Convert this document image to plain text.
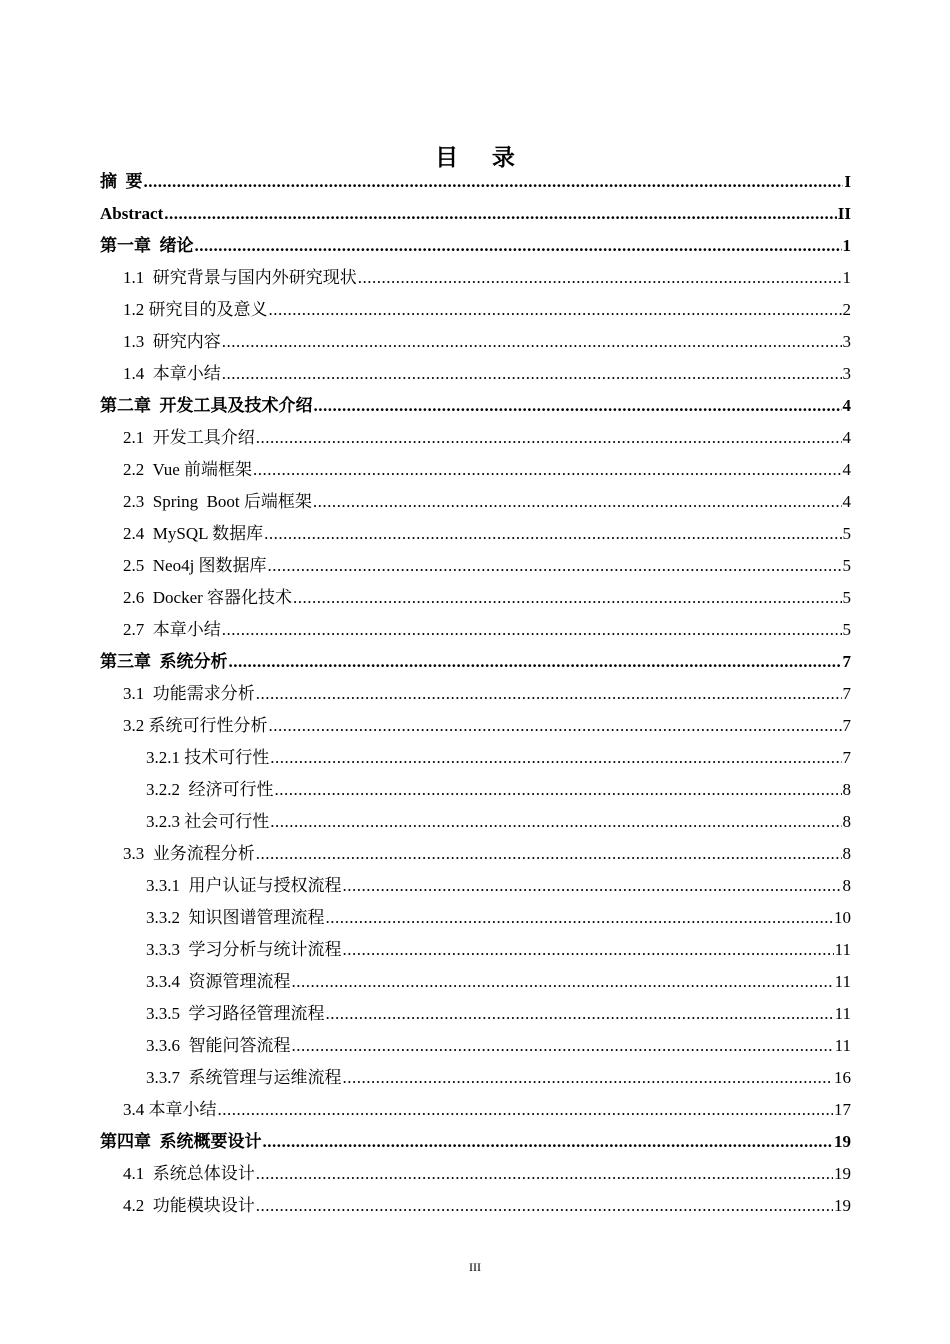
目 录
摘  要 .....	I
Abstract .....	II
第一章  绪论 .....	1
1.1  研究背景与国内外研究现状 .....	1
1.2 研究目的及意义 .....	2
1.3  研究内容 .....	3
1.4  本章小结 .....	3
第二章  开发工具及技术介绍 .....	4
2.1  开发工具介绍 .....	4
2.2  Vue 前端框架 .....	4
2.3  Spring  Boot 后端框架 .....	4
2.4  MySQL 数据库 .....	5
2.5  Neo4j 图数据库 .....	5
2.6  Docker 容器化技术 .....	5
2.7  本章小结 .....	5
第三章  系统分析 .....	7
3.1  功能需求分析 .....	7
3.2 系统可行性分析 .....	7
3.2.1 技术可行性 .....	7
3.2.2  经济可行性 .....	8
3.2.3 社会可行性 .....	8
3.3  业务流程分析 .....	8
3.3.1  用户认证与授权流程 .....	8
3.3.2  知识图谱管理流程 .....	10
3.3.3  学习分析与统计流程 .....	11
3.3.4  资源管理流程 .....	11
3.3.5  学习路径管理流程 .....	11
3.3.6  智能问答流程 .....	11
3.3.7  系统管理与运维流程 .....	16
3.4 本章小结 .....	17
第四章  系统概要设计 .....	19
4.1  系统总体设计 .....	19
4.2  功能模块设计 .....	19
III
